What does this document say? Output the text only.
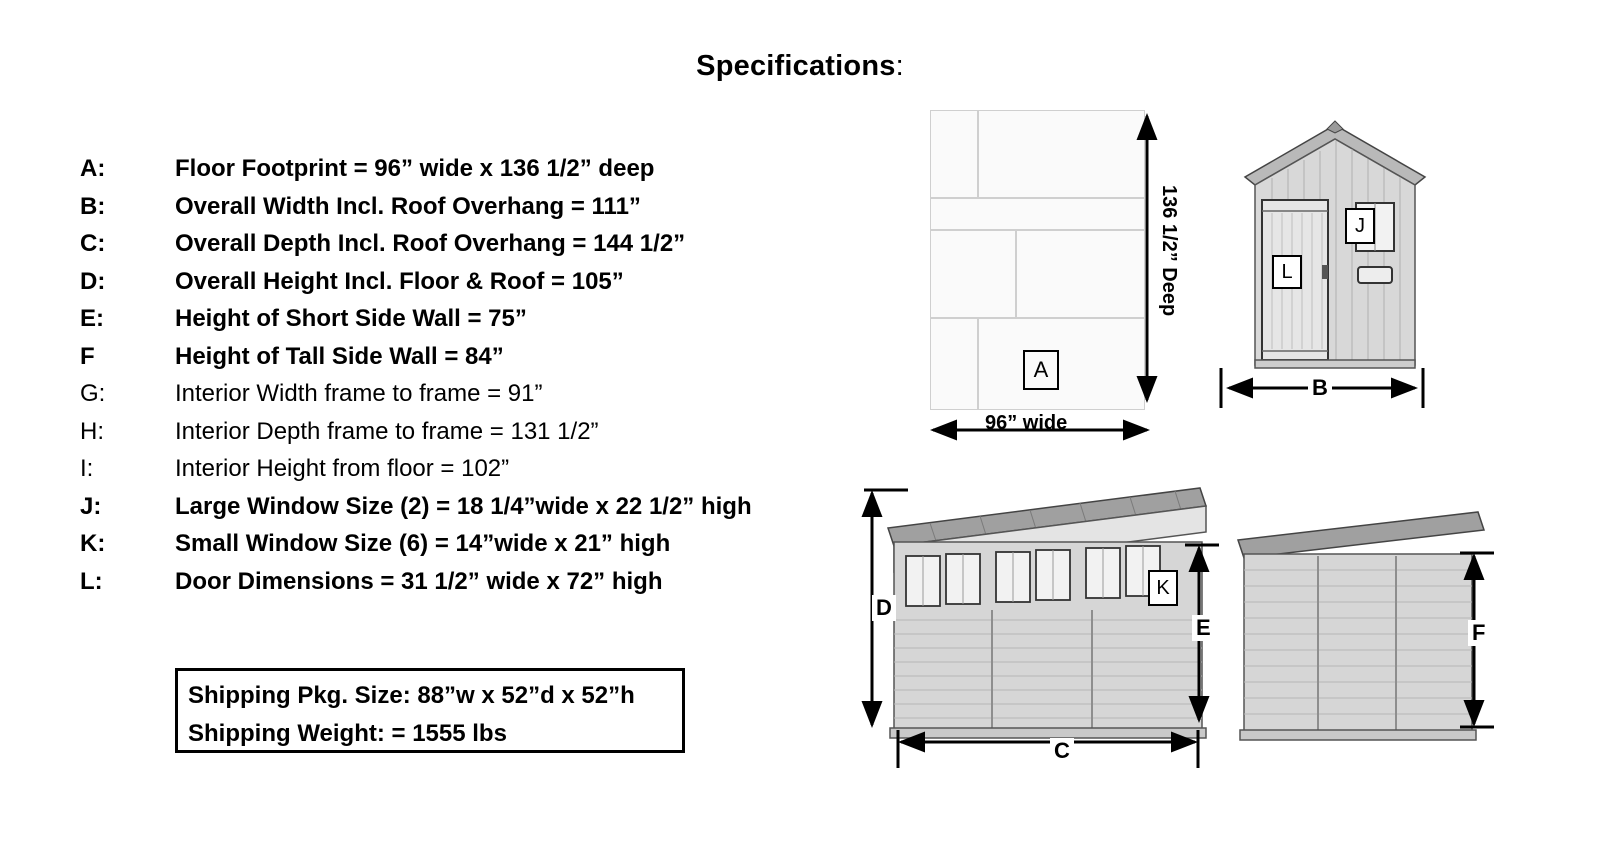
Specifications:
A:	Floor Footprint = 96” wide x 136 1/2” deep
B:	Overall Width Incl. Roof Overhang = 111”
C:	Overall Depth Incl. Roof Overhang = 144 1/2”
D:	Overall Height Incl. Floor & Roof = 105”
E:	Height of Short Side Wall = 75”
F	Height of Tall Side Wall = 84”
G:	Interior Width frame to frame = 91”
H:	Interior Depth frame to frame = 131 1/2”
I:	Interior Height from floor = 102”
J:	Large Window Size (2) = 18 1/4”wide x 22 1/2” high
K:	Small Window Size (6) = 14”wide x 21” high
L:	Door Dimensions = 31 1/2” wide x 72” high
Shipping Pkg. Size: 88”w x 52”d x 52”h
Shipping Weight: = 1555 lbs
A
136 1/2” Deep
96” wide
J
L
B
K
D
C
E	F
